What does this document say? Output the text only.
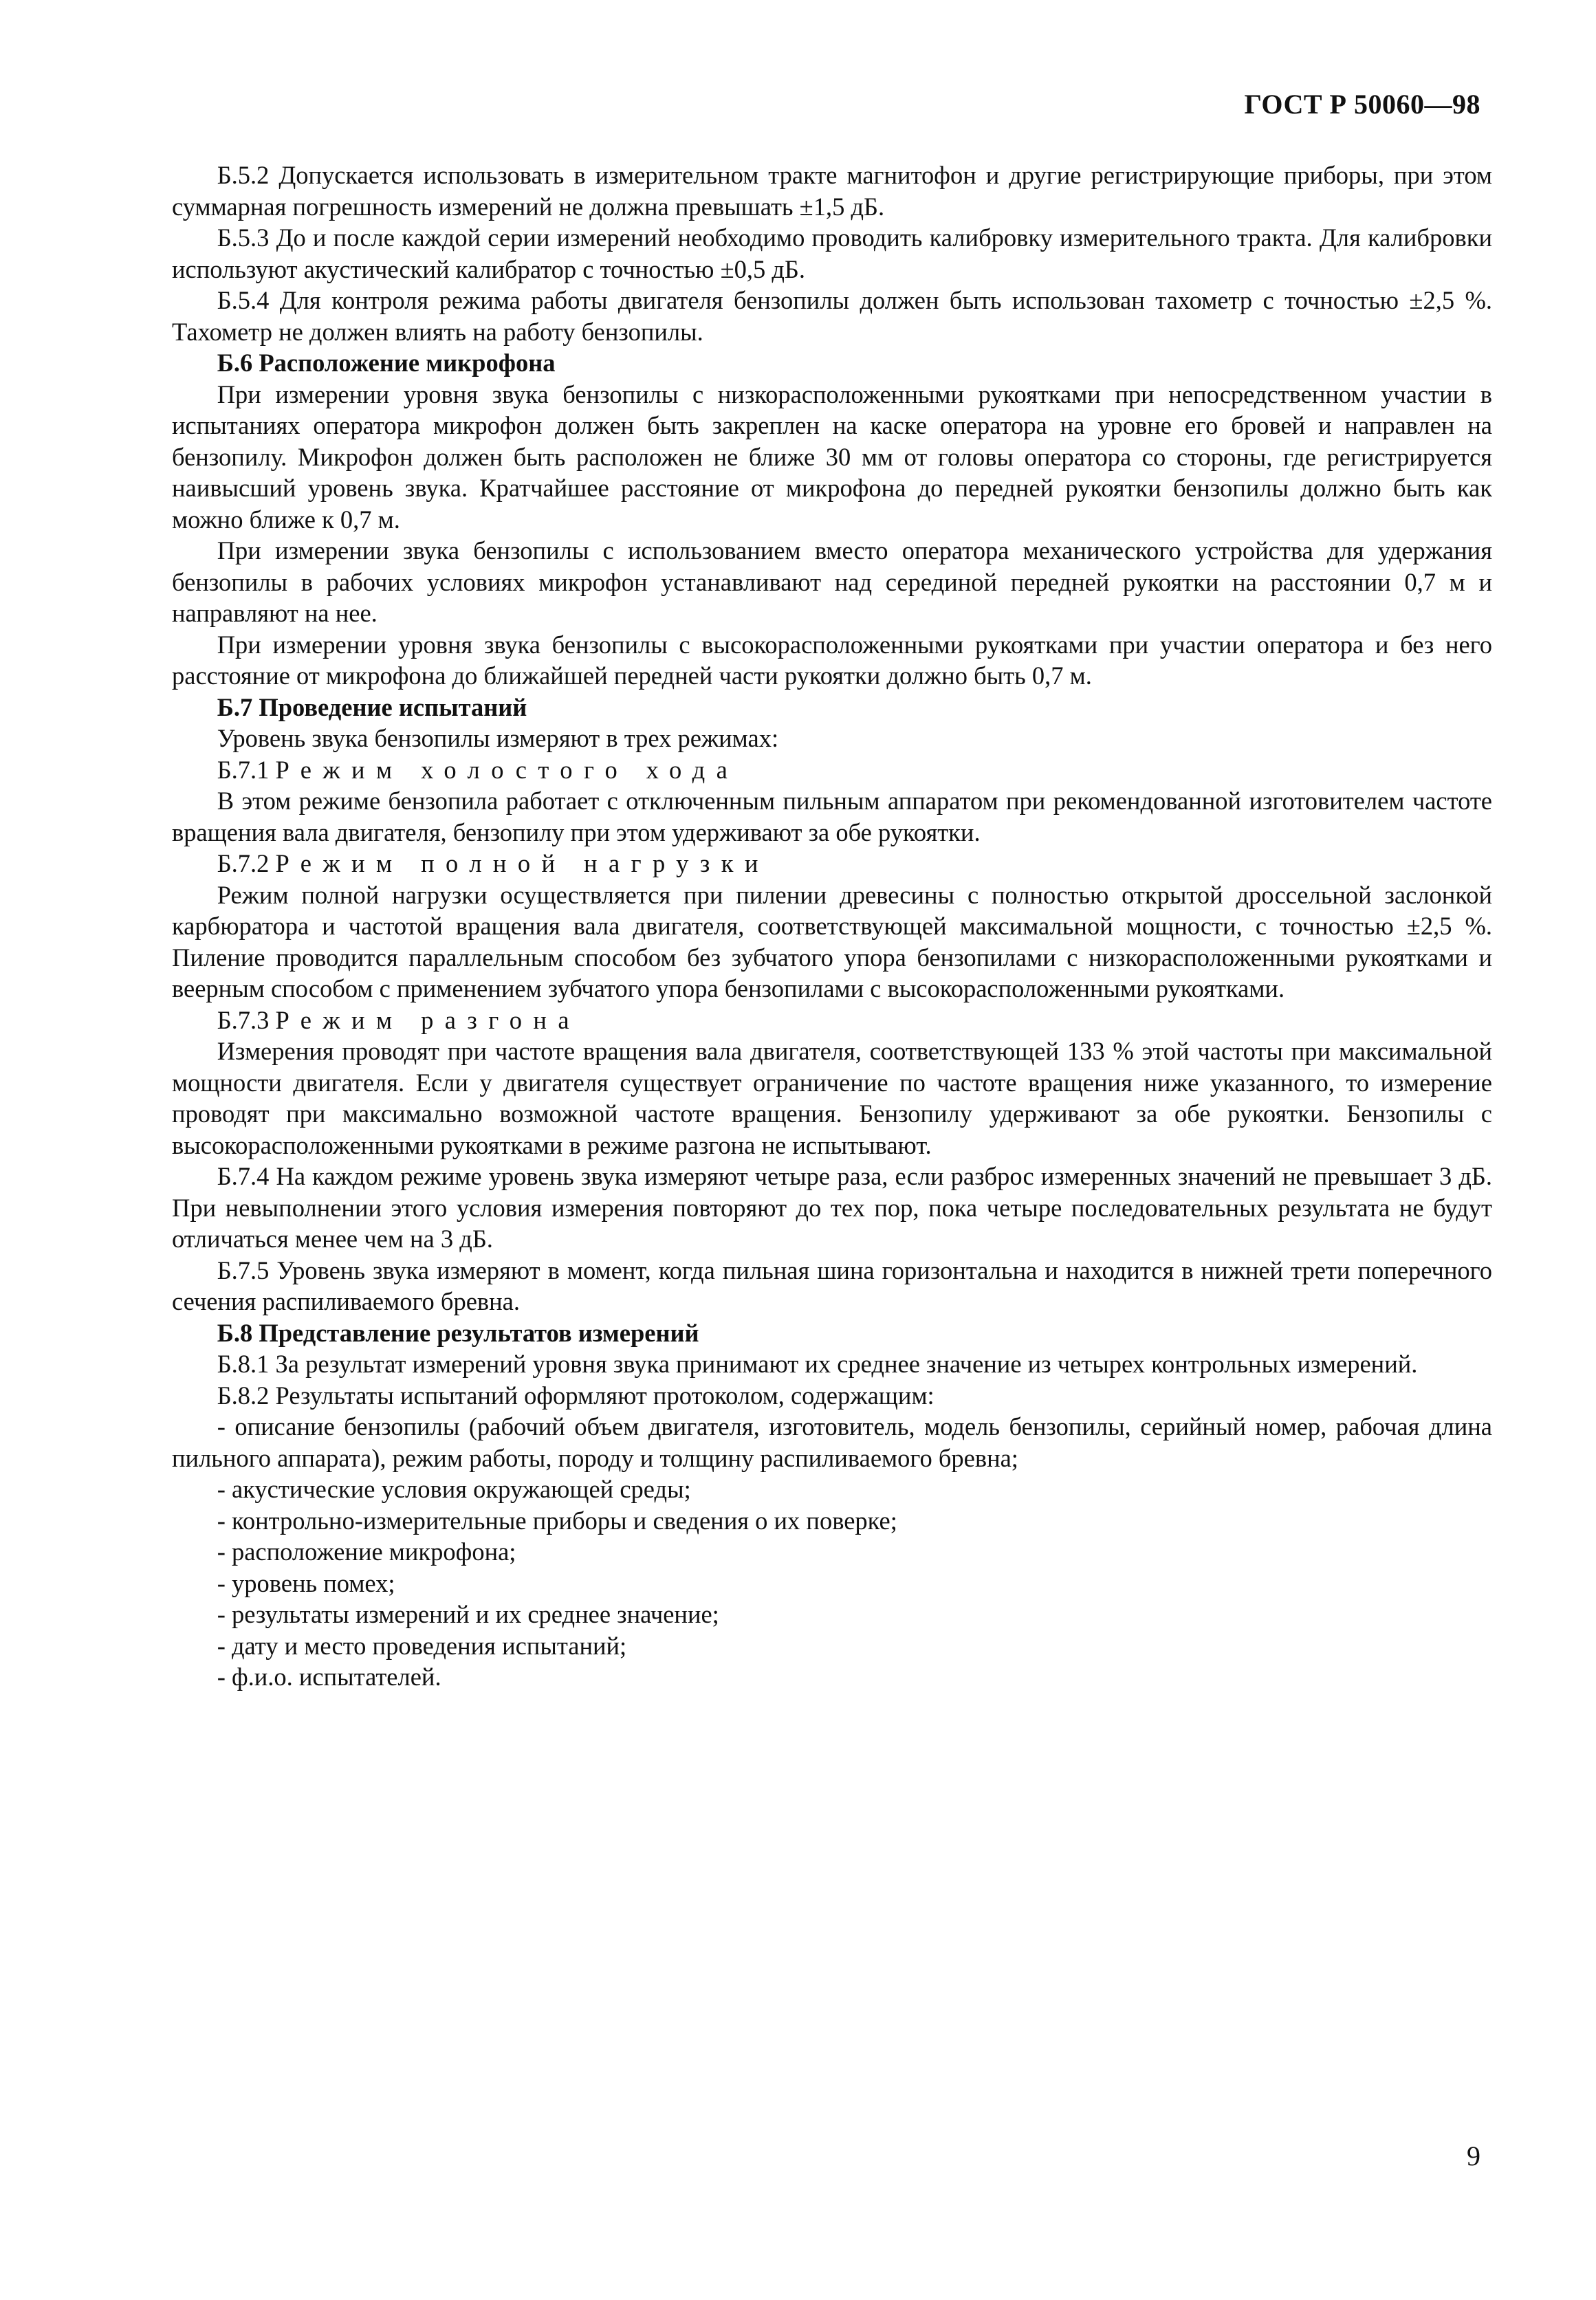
ГОСТ Р 50060—98

Б.5.2 Допускается использовать в измерительном тракте магнитофон и другие регистрирующие приборы, при этом суммарная погрешность измерений не должна превышать ±1,5 дБ.

Б.5.3 До и после каждой серии измерений необходимо проводить калибровку измерительного тракта. Для калибровки используют акустический калибратор с точностью ±0,5 дБ.

Б.5.4 Для контроля режима работы двигателя бензопилы должен быть использован тахометр с точностью ±2,5 %. Тахометр не должен влиять на работу бензопилы.

Б.6 Расположение микрофона

При измерении уровня звука бензопилы с низкорасположенными рукоятками при непосредственном участии в испытаниях оператора микрофон должен быть закреплен на каске оператора на уровне его бровей и направлен на бензопилу. Микрофон должен быть расположен не ближе 30 мм от головы оператора со стороны, где регистрируется наивысший уровень звука. Кратчайшее расстояние от микрофона до передней рукоятки бензопилы должно быть как можно ближе к 0,7 м.

При измерении звука бензопилы с использованием вместо оператора механического устройства для удержания бензопилы в рабочих условиях микрофон устанавливают над серединой передней рукоятки на расстоянии 0,7 м и направляют на нее.

При измерении уровня звука бензопилы с высокорасположенными рукоятками при участии оператора и без него расстояние от микрофона до ближайшей передней части рукоятки должно быть 0,7 м.

Б.7 Проведение испытаний

Уровень звука бензопилы измеряют в трех режимах:

Б.7.1 Режим холостого хода

В этом режиме бензопила работает с отключенным пильным аппаратом при рекомендованной изготовителем частоте вращения вала двигателя, бензопилу при этом удерживают за обе рукоятки.

Б.7.2 Режим полной нагрузки

Режим полной нагрузки осуществляется при пилении древесины с полностью открытой дроссельной заслонкой карбюратора и частотой вращения вала двигателя, соответствующей максимальной мощности, с точностью ±2,5 %. Пиление проводится параллельным способом без зубчатого упора бензопилами с низкорасположенными рукоятками и веерным способом с применением зубчатого упора бензопилами с высокорасположенными рукоятками.

Б.7.3 Режим разгона

Измерения проводят при частоте вращения вала двигателя, соответствующей 133 % этой частоты при максимальной мощности двигателя. Если у двигателя существует ограничение по частоте вращения ниже указанного, то измерение проводят при максимально возможной частоте вращения. Бензопилу удерживают за обе рукоятки. Бензопилы с высокорасположенными рукоятками в режиме разгона не испытывают.

Б.7.4 На каждом режиме уровень звука измеряют четыре раза, если разброс измеренных значений не превышает 3 дБ. При невыполнении этого условия измерения повторяют до тех пор, пока четыре последовательных результата не будут отличаться менее чем на 3 дБ.

Б.7.5 Уровень звука измеряют в момент, когда пильная шина горизонтальна и находится в нижней трети поперечного сечения распиливаемого бревна.

Б.8 Представление результатов измерений

Б.8.1 За результат измерений уровня звука принимают их среднее значение из четырех контрольных измерений.

Б.8.2 Результаты испытаний оформляют протоколом, содержащим:

- описание бензопилы (рабочий объем двигателя, изготовитель, модель бензопилы, серийный номер, рабочая длина пильного аппарата), режим работы, породу и толщину распиливаемого бревна;

- акустические условия окружающей среды;

- контрольно-измерительные приборы и сведения о их поверке;

- расположение микрофона;

- уровень помех;

- результаты измерений и их среднее значение;

- дату и место проведения испытаний;

- ф.и.о. испытателей.

9
